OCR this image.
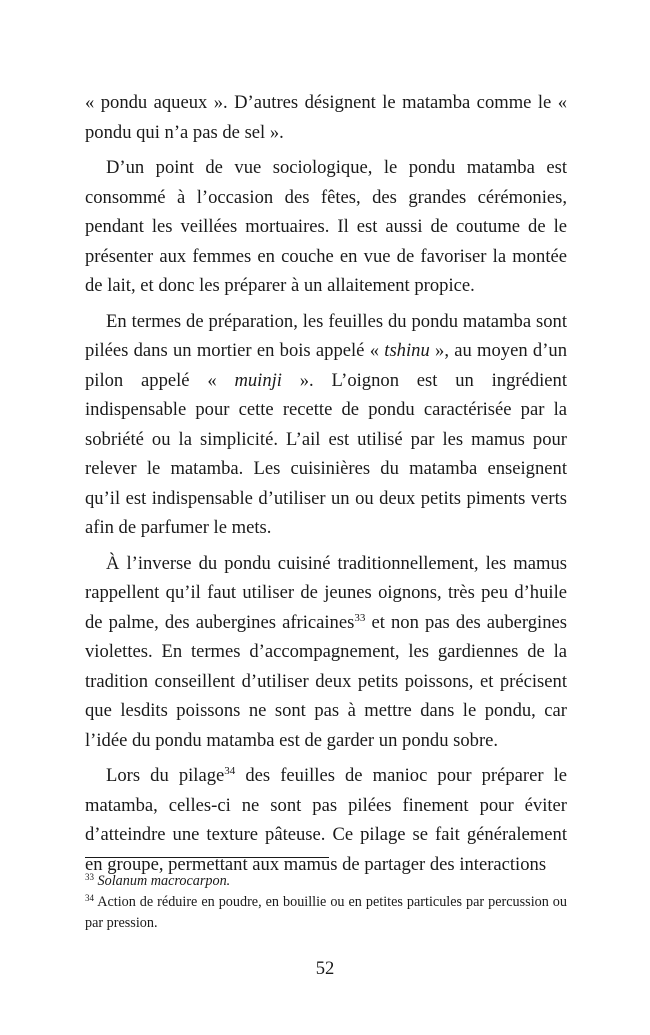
« pondu aqueux ». D’autres désignent le matamba comme le « pondu qui n’a pas de sel ».

D’un point de vue sociologique, le pondu matamba est consommé à l’occasion des fêtes, des grandes cérémonies, pendant les veillées mortuaires. Il est aussi de coutume de le présenter aux femmes en couche en vue de favoriser la montée de lait, et donc les préparer à un allaitement propice.

En termes de préparation, les feuilles du pondu matamba sont pilées dans un mortier en bois appelé « tshinu », au moyen d’un pilon appelé « muinji ». L’oignon est un ingrédient indispensable pour cette recette de pondu caractérisée par la sobriété ou la simplicité. L’ail est utilisé par les mamus pour relever le matamba. Les cuisinières du matamba enseignent qu’il est indispensable d’utiliser un ou deux petits piments verts afin de parfumer le mets.

À l’inverse du pondu cuisiné traditionnellement, les mamus rappellent qu’il faut utiliser de jeunes oignons, très peu d’huile de palme, des aubergines africaines$^{33}$ et non pas des aubergines violettes. En termes d’accompagnement, les gardiennes de la tradition conseillent d’utiliser deux petits poissons, et précisent que lesdits poissons ne sont pas à mettre dans le pondu, car l’idée du pondu matamba est de garder un pondu sobre.

Lors du pilage$^{34}$ des feuilles de manioc pour préparer le matamba, celles-ci ne sont pas pilées finement pour éviter d’atteindre une texture pâteuse. Ce pilage se fait généralement en groupe, permettant aux mamus de partager des interactions

$^{33}$ Solanum macrocarpon.

$^{34}$ Action de réduire en poudre, en bouillie ou en petites particules par percussion ou par pression.

52
